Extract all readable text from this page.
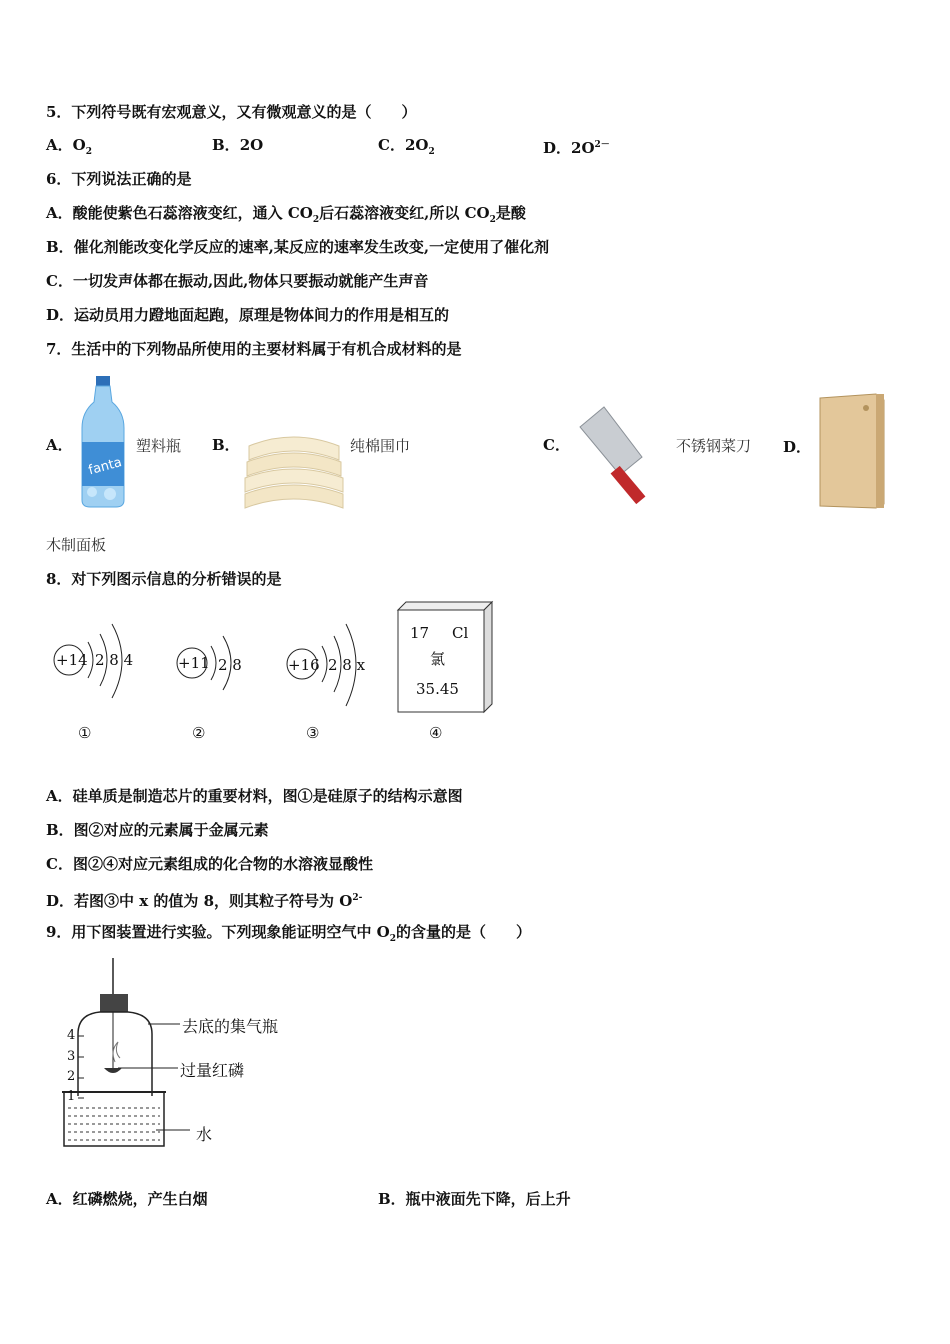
5．下列符号既有宏观意义，又有微观意义的是（　　）
A．$O_2$	B．2O	C．$2O_2$	D．$2O^{2-}$
6．下列说法正确的是
A．酸能使紫色石蕊溶液变红，通入 $CO_2$后石蕊溶液变红,所以 $CO_2$是酸
B．催化剂能改变化学反应的速率,某反应的速率发生改变,一定使用了催化剂
C．一切发声体都在振动,因此,物体只要振动就能产生声音
D．运动员用力蹬地面起跑，原理是物体间力的作用是相互的
7．生活中的下列物品所使用的主要材料属于有机合成材料的是
A．
fanta
塑料瓶 B．	纯棉围巾	C．	不锈钢菜刀 D．
木制面板
8．对下列图示信息的分析错误的是
+14 2 8 4
①
+11 2 8
②
+16 2 8 x
③
17 Cl
氯
35.45
④
A．硅单质是制造芯片的重要材料，图①是硅原子的结构示意图
B．图②对应的元素属于金属元素
C．图②④对应元素组成的化合物的水溶液显酸性
D．若图③中 x 的值为 8，则其粒子符号为 $O^{2-}$
9．用下图装置进行实验。下列现象能证明空气中 $O_2$的含量的是（　　）
4
3
2
1
去底的集气瓶
过量红磷
水
A．红磷燃烧，产生白烟	B．瓶中液面先下降，后上升
